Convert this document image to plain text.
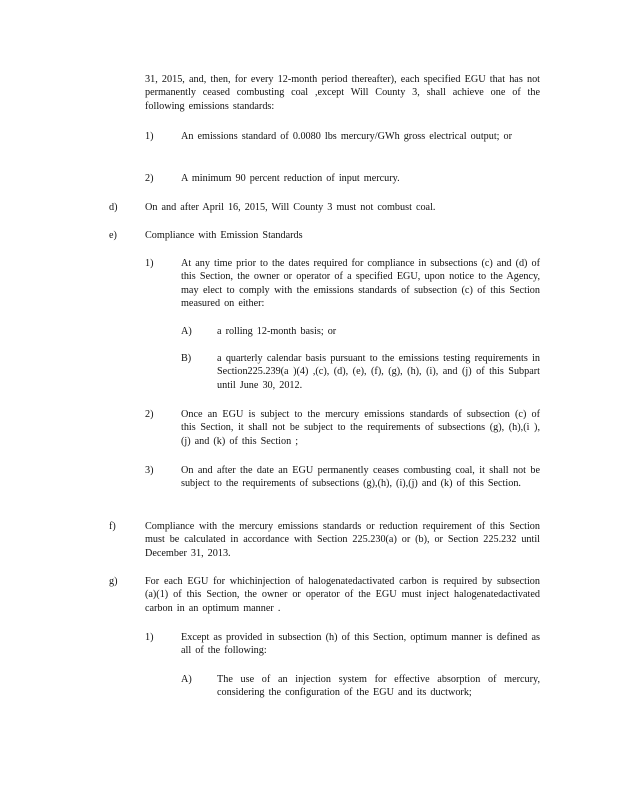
31, 2015, and, then, for every 12-month period thereafter), each specified EGU that has not permanently ceased combusting coal ,except Will County 3, shall achieve one of the following emissions standards:
1)	An emissions standard of 0.0080 lbs mercury/GWh gross electrical output; or
2)	A minimum 90 percent reduction of input mercury.
d)	On and after April 16, 2015, Will County 3 must not combust coal.
e)	Compliance with Emission Standards
1)	At any time prior to the dates required for compliance in subsections (c) and (d) of this Section, the owner or operator of a specified EGU, upon notice to the Agency, may elect to comply with the emissions standards of subsection (c) of this Section measured on either:
A) a rolling 12-month basis; or
B)	a quarterly calendar basis pursuant to the emissions testing requirements in Section225.239(a )(4) ,(c), (d), (e), (f), (g), (h), (i), and (j) of this Subpart until June 30, 2012.
2)	Once an EGU is subject to the mercury emissions standards of subsection (c) of this Section, it shall not be subject to the requirements of subsections (g), (h),(i ), (j) and (k) of this Section ;
3)	On and after the date an EGU permanently ceases combusting coal, it shall not be subject to the requirements of subsections (g),(h), (i),(j) and (k) of this Section.
f)	Compliance with the mercury emissions standards or reduction requirement of this Section must be calculated in accordance with Section 225.230(a) or (b), or Section 225.232 until December 31, 2013.
g)	For each EGU for whichinjection of halogenatedactivated carbon is required by subsection (a)(1) of this Section, the owner or operator of the EGU must inject halogenatedactivated carbon in an optimum manner .
1)	Except as provided in subsection (h) of this Section, optimum manner is defined as all of the following:
A) The use of an injection system for effective absorption of mercury, considering the configuration of the EGU and its ductwork;
